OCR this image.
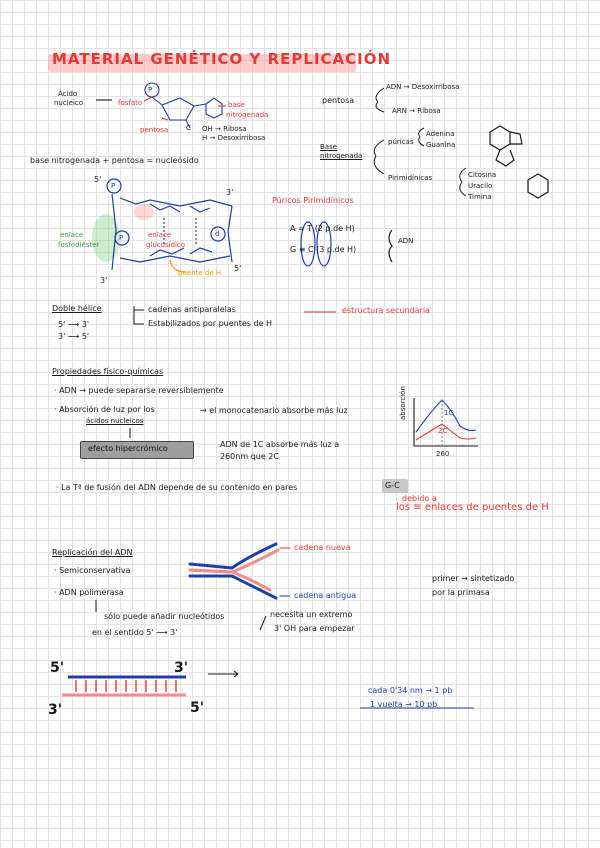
MATERIAL GENÉTICO Y REPLICACIÓN
Ácido
nucleico	fosfato
P
base
nitrogenada
pentosa	C OH → Ribosa
H → Desoxirribosa
base nitrogenada + pentosa = nucleósido
pentosa
ADN → Desoxirribosa
ARN → Ribosa
Base
nitrogenada
púricas
Adenina
Guanina
Pirimidínicas	Citosina
Uracilo
Timina
5'
P
3'
P	d
enlace
fosfodiéster
enlace
glucosídico
3'
puente de H 5'
Púricos Pirimidínicos
A = T (2 p.de H)
G ≡ C (3 p.de H)
ADN
Doble hélice
5' ⟶ 3'
3' ⟶ 5'
cadenas antiparalelas
Estabilizados por puentes de H
estructura secundaria
Propiedades físico-químicas
· ADN → puede separarse reversiblemente
· Absorción de luz por los
ácidos nucleicos
→ el monocatenario absorbe más luz
efecto hipercrómico	ADN de 1C absorbe más luz a
260nm que 2C
absorción	1C
2C
260
· La Tª de fusión del ADN depende de su contenido en pares	G-C
debido a
los ≡ enlaces de puentes de H
Replicación del ADN
· Semiconservativa
· ADN polimerasa
sólo puede añadir nucleótidos
en el sentido 5' ⟶ 3'
necesita un extremo
3' OH para empezar
cadena nueva
cadena antigua
primer → sintetizado
por la primasa
5'	3'
3'	5'
cada 0'34 nm → 1 pb
1 vuelta → 10 pb
